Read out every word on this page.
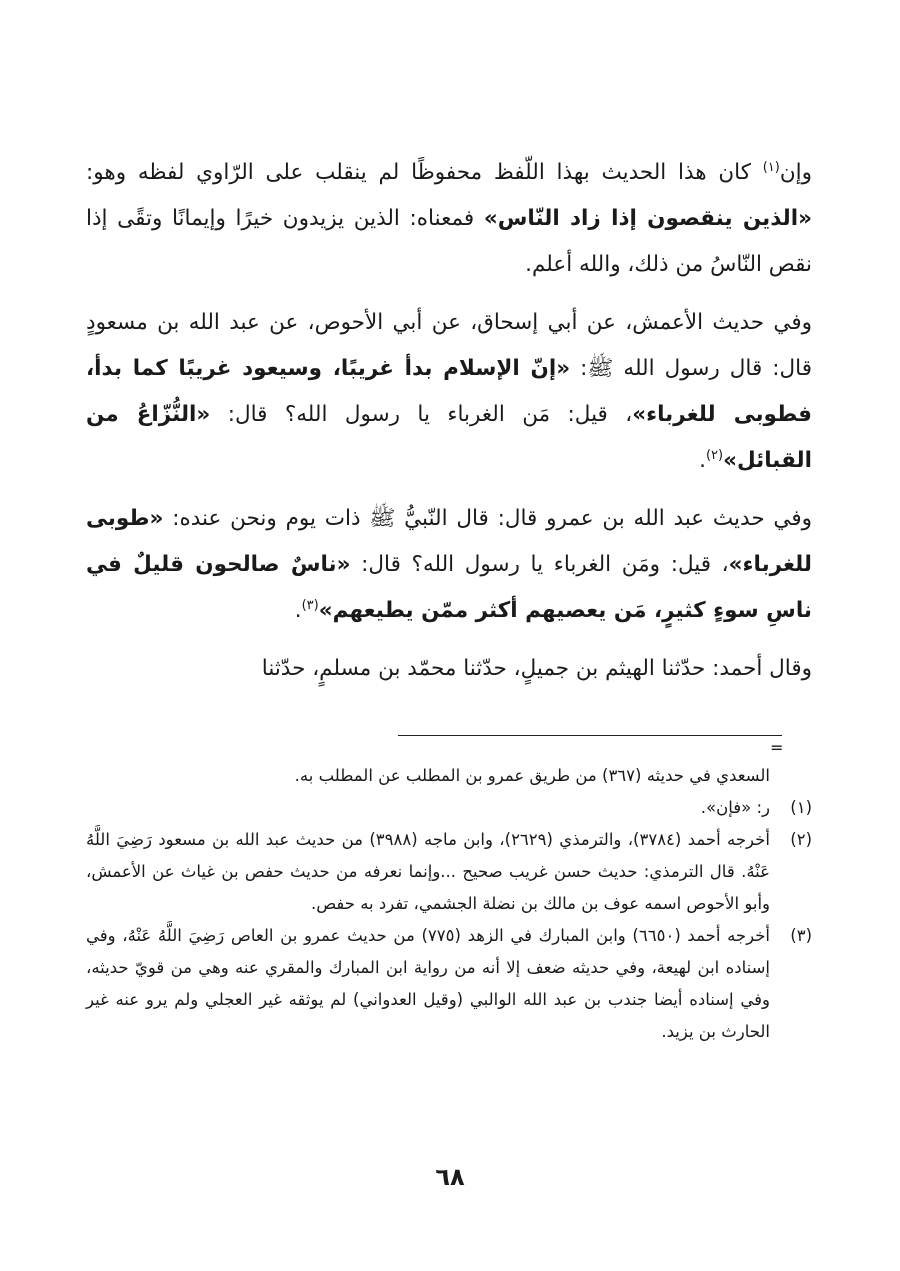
وإن$^{(١)}$ كان هذا الحديث بهذا اللّفظ محفوظًا لم ينقلب على الرّاوي لفظه وهو: «الذين ينقصون إذا زاد النّاس» فمعناه: الذين يزيدون خيرًا وإيمانًا وتقًى إذا نقص النّاسُ من ذلك، والله أعلم.

وفي حديث الأعمش، عن أبي إسحاق، عن أبي الأحوص، عن عبد الله بن مسعودٍ قال: قال رسول الله ﷺ: «إنّ الإسلام بدأ غريبًا، وسيعود غريبًا كما بدأ، فطوبى للغرباء»، قيل: مَن الغرباء يا رسول الله؟ قال: «النُّزّاعُ من القبائل»$^{(٢)}$.

وفي حديث عبد الله بن عمرو قال: قال النّبيُّ ﷺ ذات يوم ونحن عنده: «طوبى للغرباء»، قيل: ومَن الغرباء يا رسول الله؟ قال: «ناسٌ صالحون قليلٌ في ناسِ سوءٍ كثيرٍ، مَن يعصيهم أكثر ممّن يطيعهم»$^{(٣)}$.

وقال أحمد: حدّثنا الهيثم بن جميلٍ، حدّثنا محمّد بن مسلمٍ، حدّثنا

=
السعدي في حديثه (٣٦٧) من طريق عمرو بن المطلب عن المطلب به.
(١)
ر: «فإن».
(٢)
أخرجه أحمد (٣٧٨٤)، والترمذي (٢٦٢٩)، وابن ماجه (٣٩٨٨) من حديث عبد الله بن مسعود رَضِيَ اللَّهُ عَنْهُ. قال الترمذي: حديث حسن غريب صحيح ...وإنما نعرفه من حديث حفص بن غياث عن الأعمش، وأبو الأحوص اسمه عوف بن مالك بن نضلة الجشمي، تفرد به حفص.
(٣)
أخرجه أحمد (٦٦٥٠) وابن المبارك في الزهد (٧٧٥) من حديث عمرو بن العاص رَضِيَ اللَّهُ عَنْهُ، وفي إسناده ابن لهيعة، وفي حديثه ضعف إلا أنه من رواية ابن المبارك والمقري عنه وهي من قويّ حديثه، وفي إسناده أيضا جندب بن عبد الله الوالبي (وقيل العدواني) لم يوثقه غير العجلي ولم يرو عنه غير الحارث بن يزيد.
٦٨
